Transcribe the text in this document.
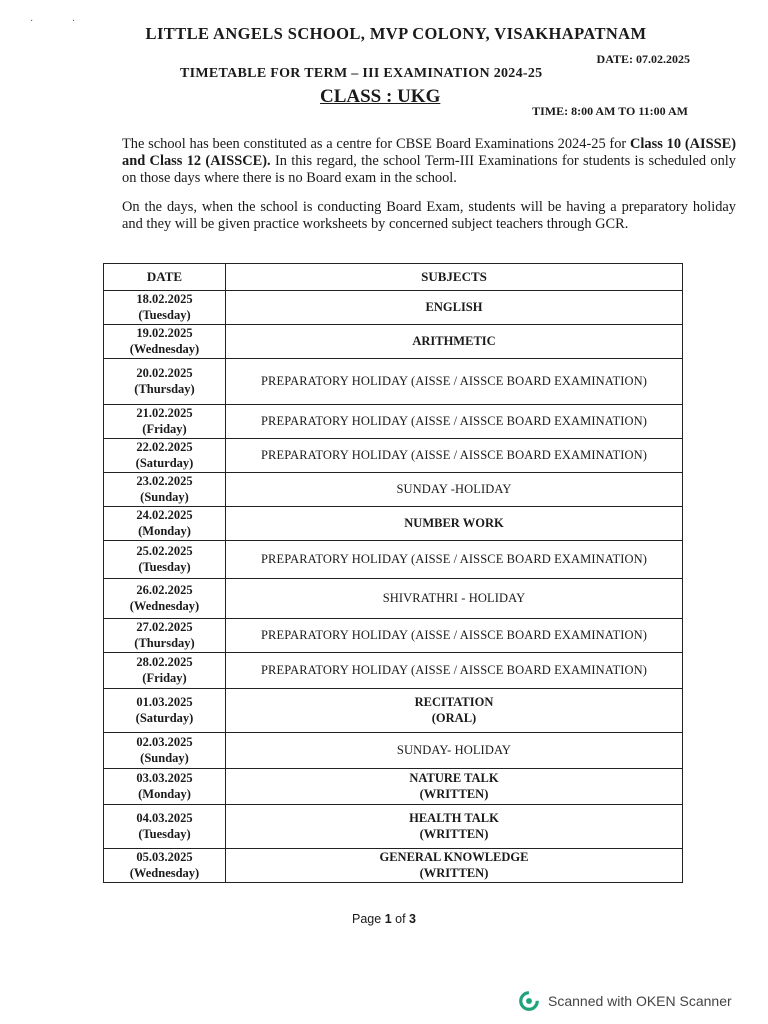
· ·
LITTLE ANGELS SCHOOL, MVP COLONY, VISAKHAPATNAM
DATE: 07.02.2025
TIMETABLE FOR TERM – III EXAMINATION 2024-25
CLASS : UKG
TIME: 8:00 AM TO 11:00 AM
The school has been constituted as a centre for CBSE Board Examinations 2024-25 for Class 10 (AISSE) and Class 12 (AISSCE). In this regard, the school Term-III Examinations for students is scheduled only on those days where there is no Board exam in the school.
On the days, when the school is conducting Board Exam, students will be having a preparatory holiday and they will be given practice worksheets by concerned subject teachers through GCR.
DATE	SUBJECTS

18.02.2025
(Tuesday)	ENGLISH

19.02.2025
(Wednesday)	ARITHMETIC

20.02.2025
(Thursday)	PREPARATORY HOLIDAY (AISSE / AISSCE BOARD EXAMINATION)

21.02.2025
(Friday)	PREPARATORY HOLIDAY (AISSE / AISSCE BOARD EXAMINATION)

22.02.2025
(Saturday)	PREPARATORY HOLIDAY (AISSE / AISSCE BOARD EXAMINATION)

23.02.2025
(Sunday)	SUNDAY -HOLIDAY

24.02.2025
(Monday)	NUMBER WORK

25.02.2025
(Tuesday)	PREPARATORY HOLIDAY (AISSE / AISSCE BOARD EXAMINATION)

26.02.2025
(Wednesday)	SHIVRATHRI - HOLIDAY

27.02.2025
(Thursday)	PREPARATORY HOLIDAY (AISSE / AISSCE BOARD EXAMINATION)

28.02.2025
(Friday)	PREPARATORY HOLIDAY (AISSE / AISSCE BOARD EXAMINATION)

01.03.2025
(Saturday)	RECITATION
(ORAL)

02.03.2025
(Sunday)	SUNDAY- HOLIDAY

03.03.2025
(Monday)	NATURE TALK
(WRITTEN)

04.03.2025
(Tuesday)	HEALTH TALK
(WRITTEN)

05.03.2025
(Wednesday)	GENERAL KNOWLEDGE
(WRITTEN)
Page 1 of 3
Scanned with OKEN Scanner
